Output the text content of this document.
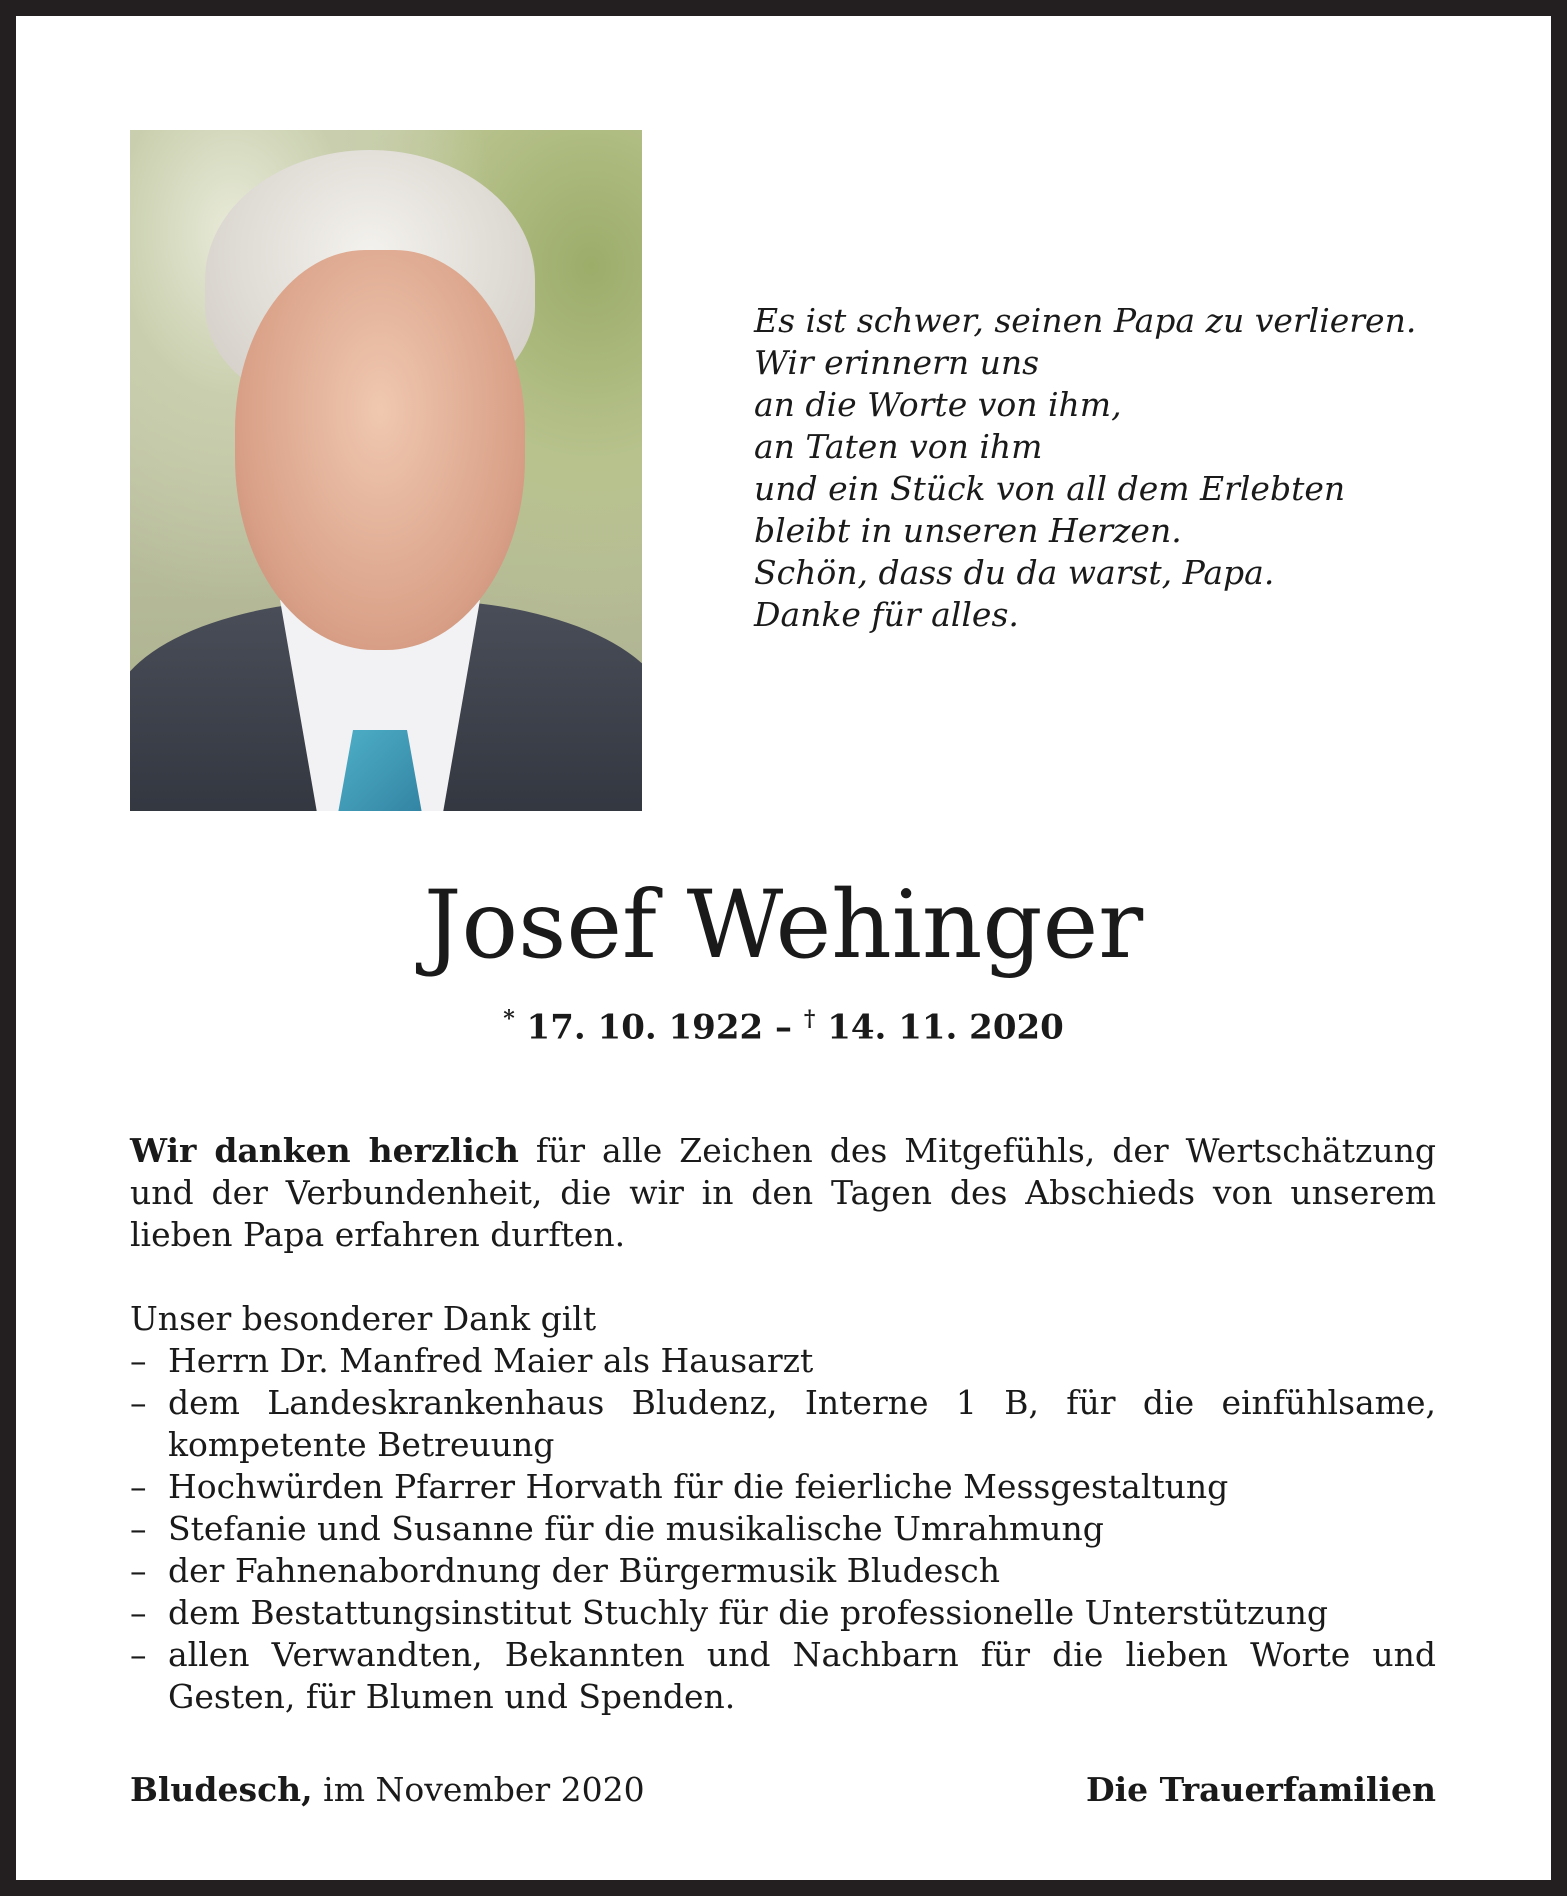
Es ist schwer, seinen Papa zu verlieren.
Wir erinnern uns
an die Worte von ihm,
an Taten von ihm
und ein Stück von all dem Erlebten
bleibt in unseren Herzen.
Schön, dass du da warst, Papa.
Danke für alles.
Josef Wehinger
* 17. 10. 1922 – † 14. 11. 2020

Wir danken herzlich für alle Zeichen des Mitgefühls, der Wertschätzung und der Verbundenheit, die wir in den Tagen des Abschieds von unserem lieben Papa erfahren durften.

Unser besonderer Dank gilt

– Herrn Dr. Manfred Maier als Hausarzt
– dem Landeskrankenhaus Bludenz, Interne 1 B, für die einfühlsame, kompetente Betreuung
– Hochwürden Pfarrer Horvath für die feierliche Messgestaltung
– Stefanie und Susanne für die musikalische Umrahmung
– der Fahnenabordnung der Bürgermusik Bludesch
– dem Bestattungsinstitut Stuchly für die professionelle Unterstützung
– allen Verwandten, Bekannten und Nachbarn für die lieben Worte und Gesten, für Blumen und Spenden.
Bludesch, im November 2020	Die Trauerfamilien
